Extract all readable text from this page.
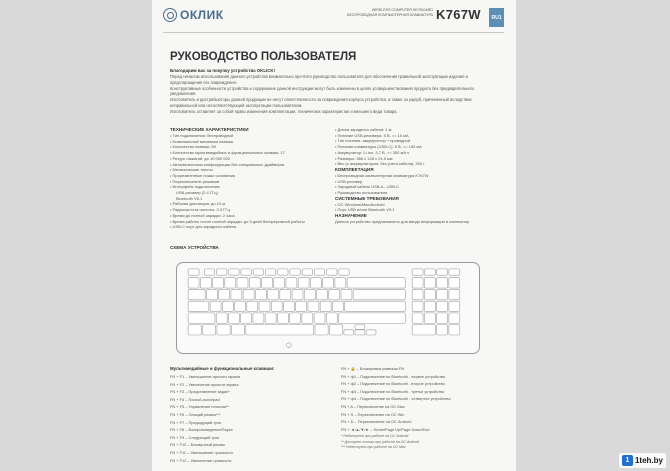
ОКЛИК	WIRELESS COMPUTER KEYBOARD
БЕСПРОВОДНАЯ КОМПЬЮТЕРНАЯ КЛАВИАТУРА K767W	RU1
РУКОВОДСТВО ПОЛЬЗОВАТЕЛЯ
Благодарим вас за покупку устройства OKLICK!

Перед началом использования данного устройства внимательно прочтите руководство пользователя для обеспечения правильной эксплуатации изделия и предотвращения его повреждения.

Конструктивные особенности устройства и содержание данной инструкции могут быть изменены в целях усовершенствования продукта без предварительного уведомления.

Изготовитель и дистрибьюторы данной продукции не несут ответственности за повреждения корпуса устройства, а также за ущерб, причиненный вследствие неправильной или несоответствующей эксплуатации пользователем.

Изготовитель оставляет за собой право изменения комплектации, технических характеристик и внешнего вида товара.

ТЕХНИЧЕСКИЕ ХАРАКТЕРИСТИКИ
• Тип подключения: беспроводной
• Номинальный механизм клавиш
• Количество клавиш: 98
• Количество мультимедийных и функциональных клавиш: 17
• Ресурс нажатий: до 10 000 000
• Автоматическая конфигурация без специальных драйверов
• Механические тексты
• Прорезиненные ножки основания
• Переключатель режимов
• Интерфейс подключения:
USB-ресивер (2.4 ГГц)
Bluetooth V5.1
• Рабочая дистанция: до 10 м
• Радиочастота частоты: 2,4 ГГц
• Время до полной зарядки: 2 часа
• Время работы после полной зарядки: до 5 дней беспрерывной работы
• USB-C порт для зарядного кабеля
• Длина зарядного кабеля: 1 м
• Питание USB-ресивера: 5 В, == 10 мА
• Тип питания: аккумулятор + проводной
• Питание клавиатуры (USB-C): 5 В, == 150 мА
• Аккумулятор: Li-ion, 3,7 В, == 350 мА·ч
• Размеры: 366 х 128 х 24,5 мм
• Вес (с аккумулятором, без учета кабеля): 390 г
КОМПЛЕКТАЦИЯ
• Беспроводная компьютерная клавиатура K767W
• USB-ресивер
• Зарядный кабель USB-A - USB-C
• Руководство пользователя
СИСТЕМНЫЕ ТРЕБОВАНИЯ
• ОС Windows/Mac/Android
• Порт USB и/или Bluetooth V5.1
НАЗНАЧЕНИЕ
Данное устройство предназначено для ввода информации в компьютер.
СХЕМА УСТРОЙСТВА
Мультимедийные и функциональные клавиши:
FN + F1 – Уменьшение яркости экрана
FN + F2 – Увеличение яркости экрана
FN + F3 – Представление задач*
FN + F4 – Поиск/Launchpad
FN + F5 – Управление голосом**
FN + F6 – Спящий режим***
FN + F7 – Предыдущий трек
FN + F8 – Воспроизведение/Пауза
FN + F9 – Следующий трек
FN + F10 – Беззвучный режим
FN + F11 – Уменьшение громкости
FN + F12 – Увеличение громкости
FN + 🔒 – Блокировка клавиши FN
FN + ф1 – Подключение по Bluetooth - первое устройство
FN + ф2 – Подключение по Bluetooth - второе устройство
FN + ф3 – Подключение по Bluetooth - третье устройство
FN + ф4 – Подключение по Bluetooth - четвертое устройство
FN + A – Переключение на ОС Mac
FN + S – Переключение на ОС Win
FN + D – Переключение на ОС Android
FN + ◄/▲/▼/► – Home/Page Up/Page Down/End
* Недоступно при работе на ОС Android
** Доступно только при работе на ОС Android
*** Недоступно при работе на ОС Mac
1 1teh.by
